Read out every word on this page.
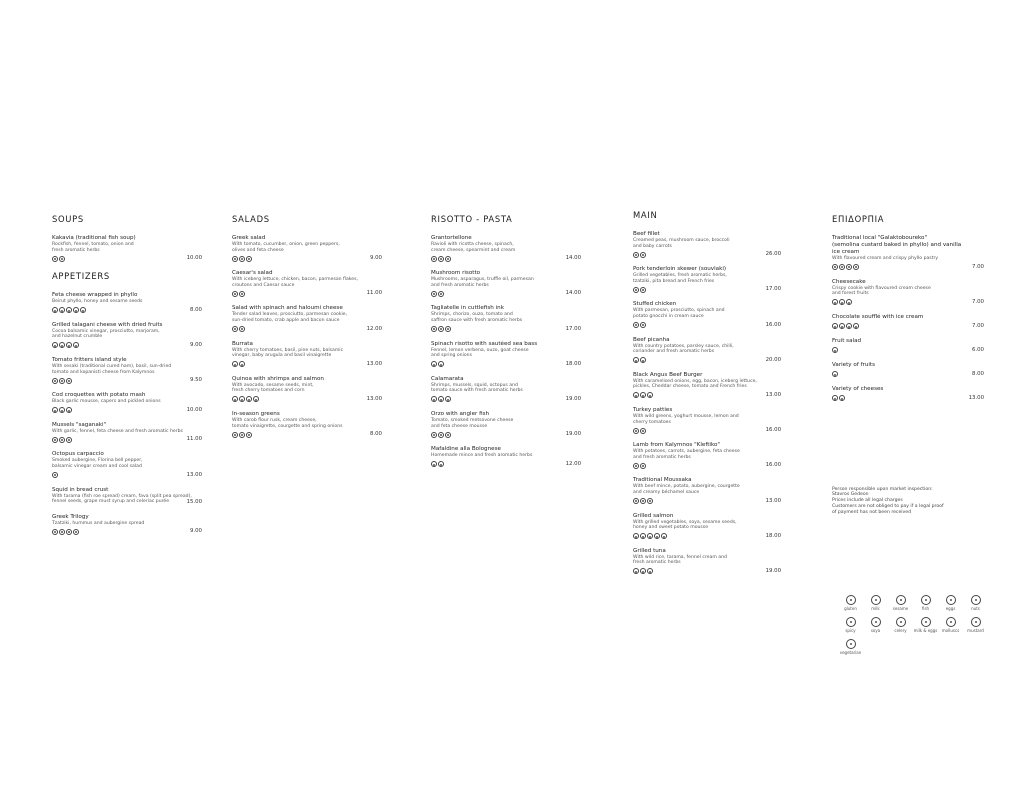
SOUPS
Kakavia (traditional fish soup)
Rockfish, fennel, tomato, onion and
fresh aromatic herbs
10.00
APPETIZERS
Feta cheese wrapped in phyllo
Beirut phyllo, honey and sesame seeds
8.00
Grilled talagani cheese with dried fruits
Cocoa balsamic vinegar, prosciutto, marjoram,
and hazelnut crumble
9.00
Tomato fritters island style
With sesaki (traditional cured ham), basil, sun-dried
tomato and kopanisti cheese from Kalymnos
9.50
Cod croquettes with potato mash
Black garlic mousse, capers and pickled onions
10.00
Mussels "saganaki"
With garlic, fennel, feta cheese and fresh aromatic herbs
11.00
Octopus carpaccio
Smoked aubergine, Florina bell pepper,
balsamic vinegar cream and cool salad
13.00
Squid in bread crust
With tarama (fish roe spread) cream, fava (split pea spread),
fennel seeds, grape must syrup and celeriac purée	15.00
Greek Trilogy
Tzatziki, hummus and aubergine spread
9.00
SALADS
Greek salad
With tomato, cucumber, onion, green peppers,
olives and feta cheese
9.00
Caesar's salad
With iceberg lettuce, chicken, bacon, parmesan flakes,
croutons and Caesar sauce
11.00
Salad with spinach and haloumi cheese
Tender salad leaves, prosciutto, parmesan cookie,
sun-dried tomato, crab apple and bacon sauce
12.00
Burrata
With cherry tomatoes, basil, pine nuts, balsamic
vinegar, baby arugula and basil vinaigrette
13.00
Quinoa with shrimps and salmon
With avocado, sesame seeds, mint,
fresh cherry tomatoes and corn
13.00
In-season greens
With carob flour rusk, cream cheese,
tomato vinaigrette, courgette and spring onions
8.00
RISOTTO - PASTA
Grantortellone
Ravioli with ricotta cheese, spinach,
cream cheese, spearmint and cream
14.00
Mushroom risotto
Mushrooms, asparagus, truffle oil, parmesan
and fresh aromatic herbs
14.00
Tagliatelle in cuttlefish ink
Shrimps, chorizo, ouzo, tomato and
saffron sauce with fresh aromatic herbs
17.00
Spinach risotto with sautéed sea bass
Fennel, lemon verbena, ouzo, goat cheese
and spring onions
18.00
Calamarata
Shrimps, mussels, squid, octopus and
tomato sauce with fresh aromatic herbs
19.00
Orzo with angler fish
Tomato, smoked metsovone cheese
and feta cheese mousse
19.00
Mafaldine alla Bolognese
Homemade mince and fresh aromatic herbs
12.00
MAIN
Beef fillet
Creamed peas, mushroom sauce, broccoli
and baby carrots
26.00
Pork tenderloin skewer (souvlaki)
Grilled vegetables, fresh aromatic herbs,
tzatziki, pita bread and French fries
17.00
Stuffed chicken
With parmesan, prosciutto, spinach and
potato gnocchi in cream sauce
16.00
Beef picanha
With country potatoes, parsley sauce, chilli,
coriander and fresh aromatic herbs
20.00
Black Angus Beef Burger
With caramelised onions, egg, bacon, iceberg lettuce,
pickles, Cheddar cheese, tomato and French fries
13.00
Turkey patties
With wild greens, yoghurt mousse, lemon and
cherry tomatoes
16.00
Lamb from Kalymnos "Kleftiko"
With potatoes, carrots, aubergine, feta cheese
and fresh aromatic herbs
16.00
Traditional Moussaka
With beef mince, potato, aubergine, courgette
and creamy béchamel sauce
13.00
Grilled salmon
With grilled vegetables, soya, sesame seeds,
honey and sweet potato mousse
18.00
Grilled tuna
With wild rice, tarama, fennel cream and
fresh aromatic herbs
19.00
ΕΠΙΔΟΡΠΙΑ
Traditional local "Galaktoboureko"
(semolina custard baked in phyllo) and vanilla
ice cream
With flavoured cream and crispy phyllo pastry
7.00
Cheesecake
Crispy cookie with flavoured cream cheese
and forest fruits
7.00
Chocolate soufflé with ice cream
7.00
Fruit salad
6.00
Variety of fruits
8.00
Variety of cheeses
13.00
Person responsible upon market inspection:
Stavros Gedeon
Prices include all legal charges
Customers are not obliged to pay if a legal proof
of payment has not been received
gluten	milk	sesame	fish	eggs	nuts
spicy	soya	celery	milk & eggs	molluscs	mustard
vegetarian
